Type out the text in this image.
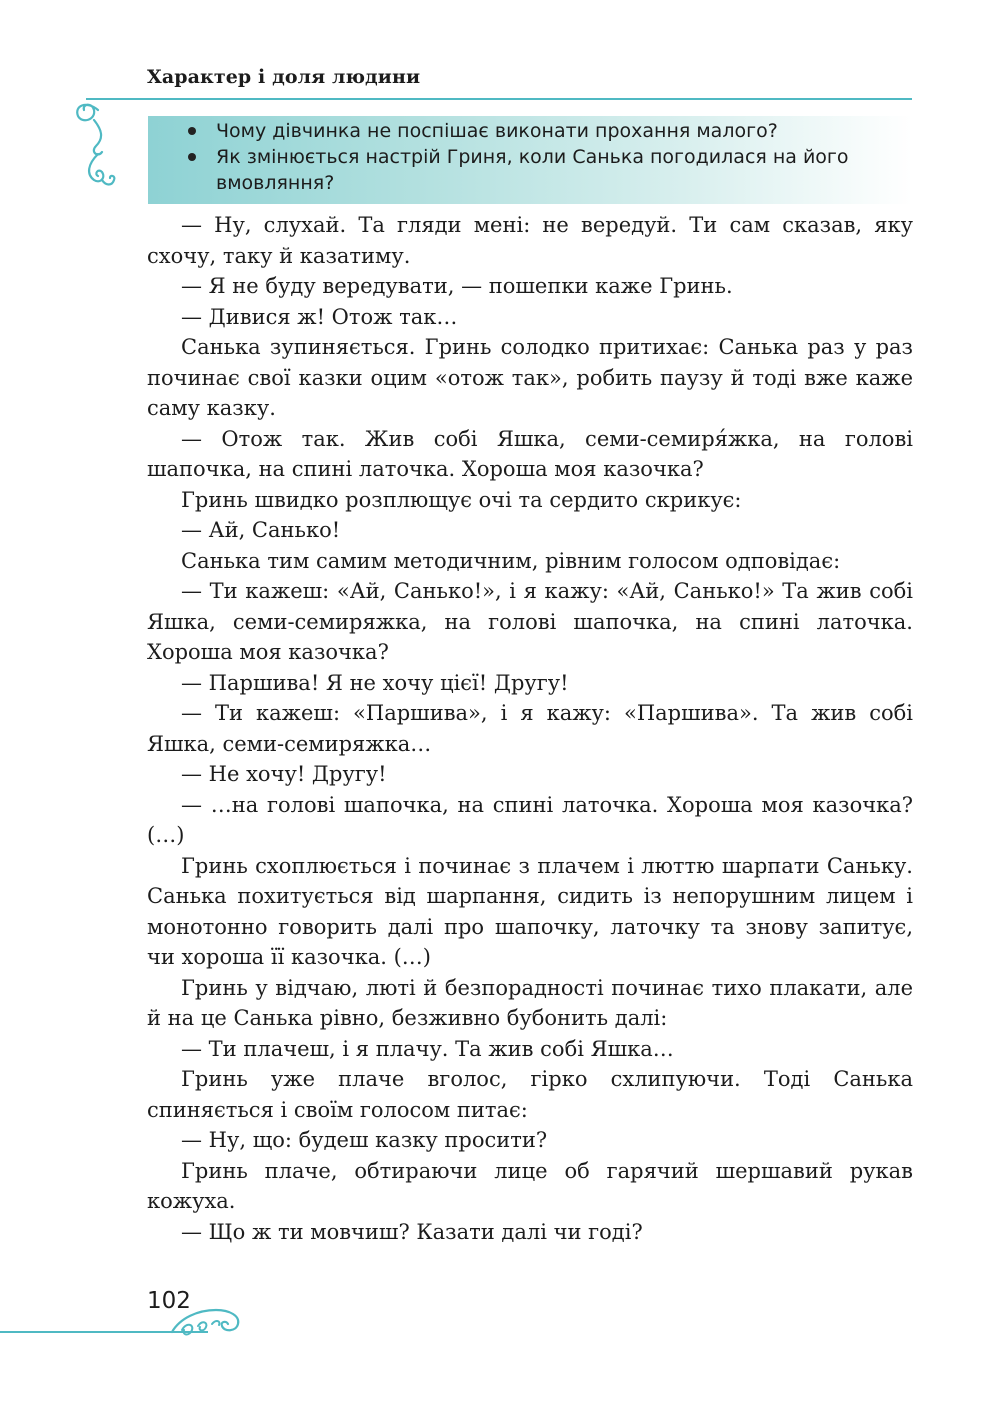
Характер і доля людини
Чому дівчинка не поспішає виконати прохання малого?
Як змінюється настрій Гриня, коли Санька погодилася на його вмовляння?

— Ну, слухай. Та гляди мені: не вередуй. Ти сам сказав, яку схочу, таку й казатиму.

— Я не буду вередувати, — пошепки каже Гринь.

— Дивися ж! Отож так…

Санька зупиняється. Гринь солодко притихає: Санька раз у раз починає свої казки оцим «отож так», робить паузу й тоді вже каже саму казку.

— Отож так. Жив собі Яшка, семи-семиря́жка, на голові шапочка, на спині латочка. Хороша моя казочка?

Гринь швидко розплющує очі та сердито скрикує:

— Ай, Санько!

Санька тим самим методичним, рівним голосом одповідає:

— Ти кажеш: «Ай, Санько!», і я кажу: «Ай, Санько!» Та жив собі Яшка, семи-семиряжка, на голові шапочка, на спині латочка. Хороша моя казочка?

— Паршива! Я не хочу цієї! Другу!

— Ти кажеш: «Паршива», і я кажу: «Паршива». Та жив собі Яшка, семи-семиряжка…

— Не хочу! Другу!

— …на голові шапочка, на спині латочка. Хороша моя казочка? (…)

Гринь схоплюється і починає з плачем і люттю шарпати Саньку. Санька похитується від шарпання, сидить із непорушним лицем і монотонно говорить далі про шапочку, латочку та знову запитує, чи хороша її казочка. (…)

Гринь у відчаю, люті й безпорадності починає тихо плакати, але й на це Санька рівно, безживно бубонить далі:

— Ти плачеш, і я плачу. Та жив собі Яшка…

Гринь уже плаче вголос, гірко схлипуючи. Тоді Санька спиняється і своїм голосом питає:

— Ну, що: будеш казку просити?

Гринь плаче, обтираючи лице об гарячий шершавий рукав кожуха.

— Що ж ти мовчиш? Казати далі чи годі?

102
